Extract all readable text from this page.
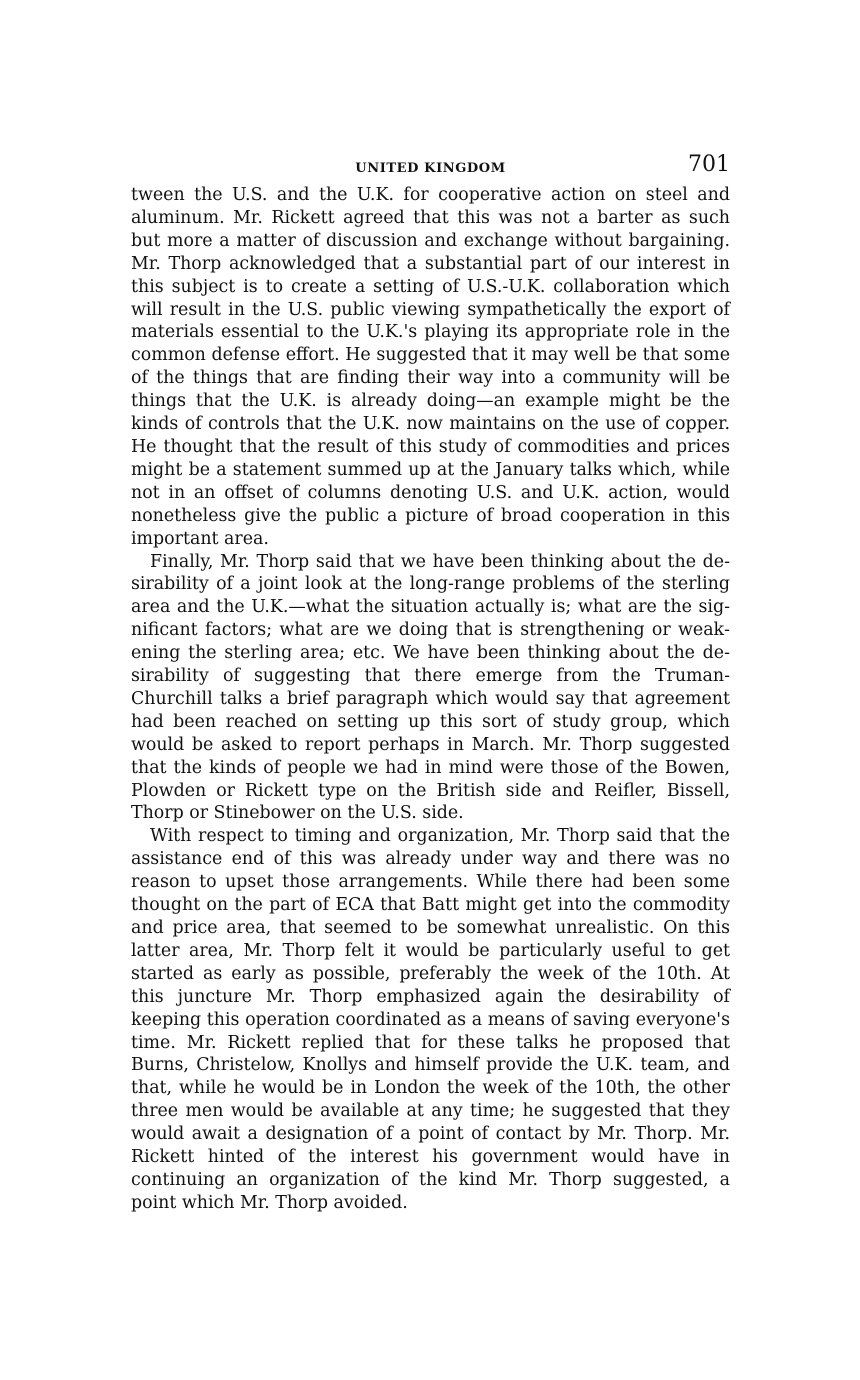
UNITED KINGDOM	701

tween the U.S. and the U.K. for cooperative action on steel and aluminum. Mr. Rickett agreed that this was not a barter as such but more a matter of discussion and exchange without bargaining. Mr. Thorp acknowledged that a substantial part of our interest in this subject is to create a setting of U.S.-U.K. collaboration which will result in the U.S. public viewing sympathetically the export of materials essential to the U.K.'s playing its appropriate role in the common defense effort. He suggested that it may well be that some of the things that are finding their way into a community will be things that the U.K. is already doing—an example might be the kinds of controls that the U.K. now maintains on the use of copper. He thought that the result of this study of commodities and prices might be a statement summed up at the January talks which, while not in an offset of columns denoting U.S. and U.K. action, would nonetheless give the public a picture of broad cooperation in this important area.

Finally, Mr. Thorp said that we have been thinking about the desirability of a joint look at the long-range problems of the sterling area and the U.K.—what the situation actually is; what are the significant factors; what are we doing that is strengthening or weakening the sterling area; etc. We have been thinking about the desirability of suggesting that there emerge from the Truman-Churchill talks a brief paragraph which would say that agreement had been reached on setting up this sort of study group, which would be asked to report perhaps in March. Mr. Thorp suggested that the kinds of people we had in mind were those of the Bowen, Plowden or Rickett type on the British side and Reifler, Bissell, Thorp or Stinebower on the U.S. side.

With respect to timing and organization, Mr. Thorp said that the assistance end of this was already under way and there was no reason to upset those arrangements. While there had been some thought on the part of ECA that Batt might get into the commodity and price area, that seemed to be somewhat unrealistic. On this latter area, Mr. Thorp felt it would be particularly useful to get started as early as possible, preferably the week of the 10th. At this juncture Mr. Thorp emphasized again the desirability of keeping this operation coordinated as a means of saving everyone's time. Mr. Rickett replied that for these talks he proposed that Burns, Christelow, Knollys and himself provide the U.K. team, and that, while he would be in London the week of the 10th, the other three men would be available at any time; he suggested that they would await a designation of a point of contact by Mr. Thorp. Mr. Rickett hinted of the interest his government would have in continuing an organization of the kind Mr. Thorp suggested, a point which Mr. Thorp avoided.
